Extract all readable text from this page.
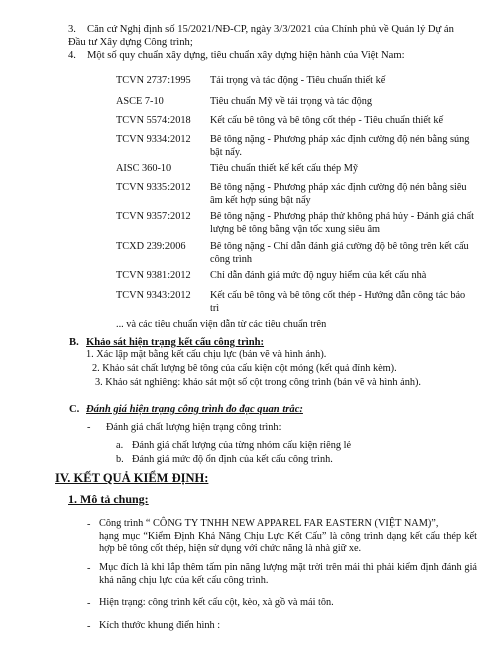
3. Căn cứ Nghị định số 15/2021/NĐ-CP, ngày 3/3/2021 của Chính phủ về Quản lý Dự án
Đầu tư Xây dựng Công trình;
4. Một số quy chuẩn xây dựng, tiêu chuẩn xây dựng hiện hành của Việt Nam:
TCVN 2737:1995 Tải trọng và tác động - Tiêu chuẩn thiết kế
ASCE 7-10	Tiêu chuẩn Mỹ về tải trọng và tác động
TCVN 5574:2018 Kết cấu bê tông và bê tông cốt thép - Tiêu chuẩn thiết kế
TCVN 9334:2012 Bê tông nặng - Phương pháp xác định cường độ nén bằng súng bật nẩy.
AISC 360-10	Tiêu chuẩn thiết kế kết cấu thép Mỹ
TCVN 9335:2012 Bê tông nặng - Phương pháp xác định cường độ nén bằng siêu âm kết hợp súng bật nẩy
TCVN 9357:2012 Bê tông nặng - Phương pháp thử không phá hủy - Đánh giá chất lượng bê tông bằng vận tốc xung siêu âm
TCXD 239:2006 Bê tông nặng - Chỉ dẫn đánh giá cường độ bê tông trên kết cấu công trình
TCVN 9381:2012 Chỉ dẫn đánh giá mức độ nguy hiểm của kết cấu nhà
TCVN 9343:2012 Kết cấu bê tông và bê tông cốt thép - Hướng dẫn công tác bảo trì
... và các tiêu chuẩn viện dẫn từ các tiêu chuẩn trên
B. Khảo sát hiện trạng kết cấu công trình:
1. Xác lập mặt bằng kết cấu chịu lực (bản vẽ và hình ảnh).
2. Khảo sát chất lượng bê tông của cấu kiện cột móng (kết quả đính kèm).
3. Khảo sát nghiêng: khảo sát một số cột trong công trình (bản vẽ và hình ảnh).
C. Đánh giá hiện trạng công trình đo đạc quan trắc:
- Đánh giá chất lượng hiện trạng công trình:
a. Đánh giá chất lượng của từng nhóm cấu kiện riêng lẻ
b. Đánh giá mức độ ổn định của kết cấu công trình.
IV. KẾT QUẢ KIỂM ĐỊNH:
1. Mô tả chung:
- Công trình “ CÔNG TY TNHH NEW APPAREL FAR EASTERN (VIỆT NAM)”,
hạng mục “Kiểm Định Khả Năng Chịu Lực Kết Cấu” là công trình dạng kết cấu thép kết hợp bê tông cốt thép, hiện sử dụng với chức năng là nhà giữ xe.
- Mục đích là khi lắp thêm tấm pin năng lượng mặt trời trên mái thì phải kiểm định đánh giá khả năng chịu lực của kết cấu công trình.
- Hiện trạng: công trình kết cấu cột, kèo, xà gồ và mái tôn.
- Kích thước khung điển hình :
